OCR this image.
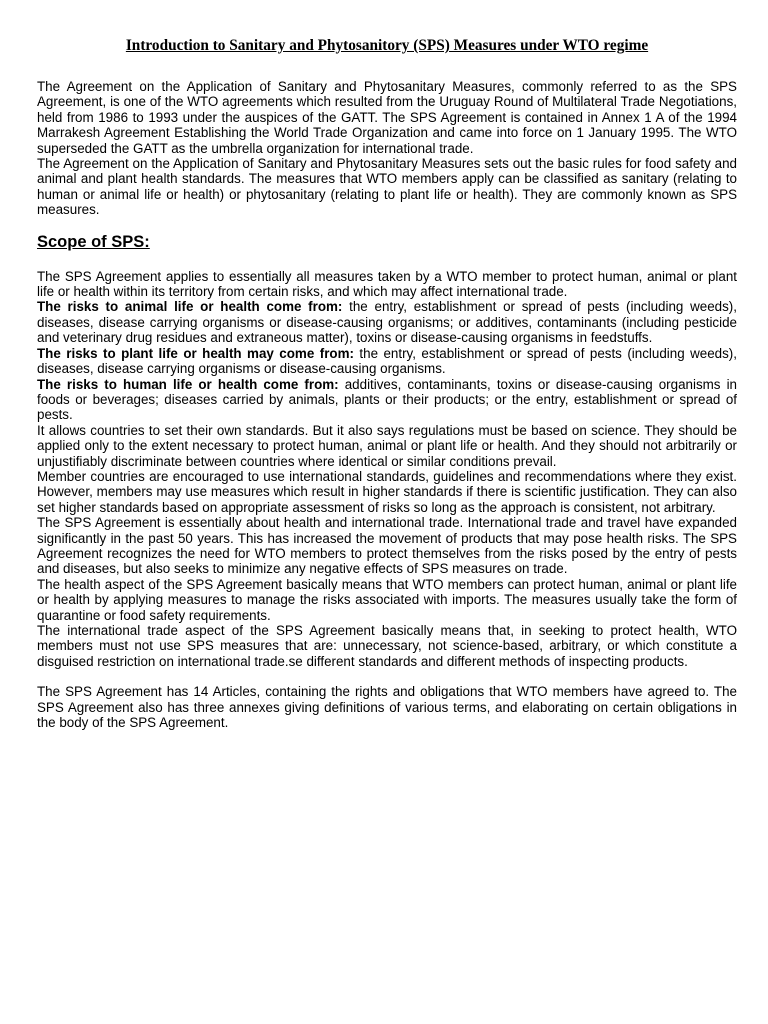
Introduction to Sanitary and Phytosanitory (SPS) Measures under WTO regime

The Agreement on the Application of Sanitary and Phytosanitary Measures, commonly referred to as the SPS Agreement, is one of the WTO agreements which resulted from the Uruguay Round of Multilateral Trade Negotiations, held from 1986 to 1993 under the auspices of the GATT. The SPS Agreement is contained in Annex 1 A of the 1994 Marrakesh Agreement Establishing the World Trade Organization and came into force on 1 January 1995. The WTO superseded the GATT as the umbrella organization for international trade.

The Agreement on the Application of Sanitary and Phytosanitary Measures sets out the basic rules for food safety and animal and plant health standards. The measures that WTO members apply can be classified as sanitary (relating to human or animal life or health) or phytosanitary (relating to plant life or health). They are commonly known as SPS measures.

Scope of SPS:

The SPS Agreement applies to essentially all measures taken by a WTO member to protect human, animal or plant life or health within its territory from certain risks, and which may affect international trade.

The risks to animal life or health come from: the entry, establishment or spread of pests (including weeds), diseases, disease carrying organisms or disease-causing organisms; or additives, contaminants (including pesticide and veterinary drug residues and extraneous matter), toxins or disease-causing organisms in feedstuffs.

The risks to plant life or health may come from: the entry, establishment or spread of pests (including weeds), diseases, disease carrying organisms or disease-causing organisms.

The risks to human life or health come from: additives, contaminants, toxins or disease-causing organisms in foods or beverages; diseases carried by animals, plants or their products; or the entry, establishment or spread of pests.

It allows countries to set their own standards. But it also says regulations must be based on science. They should be applied only to the extent necessary to protect human, animal or plant life or health. And they should not arbitrarily or unjustifiably discriminate between countries where identical or similar conditions prevail.

Member countries are encouraged to use international standards, guidelines and recommendations where they exist. However, members may use measures which result in higher standards if there is scientific justification. They can also set higher standards based on appropriate assessment of risks so long as the approach is consistent, not arbitrary.

The SPS Agreement is essentially about health and international trade. International trade and travel have expanded significantly in the past 50 years. This has increased the movement of products that may pose health risks. The SPS Agreement recognizes the need for WTO members to protect themselves from the risks posed by the entry of pests and diseases, but also seeks to minimize any negative effects of SPS measures on trade.

The health aspect of the SPS Agreement basically means that WTO members can protect human, animal or plant life or health by applying measures to manage the risks associated with imports. The measures usually take the form of quarantine or food safety requirements.

The international trade aspect of the SPS Agreement basically means that, in seeking to protect health, WTO members must not use SPS measures that are: unnecessary, not science-based, arbitrary, or which constitute a disguised restriction on international trade.se different standards and different methods of inspecting products.

The SPS Agreement has 14 Articles, containing the rights and obligations that WTO members have agreed to. The SPS Agreement also has three annexes giving definitions of various terms, and elaborating on certain obligations in the body of the SPS Agreement.
